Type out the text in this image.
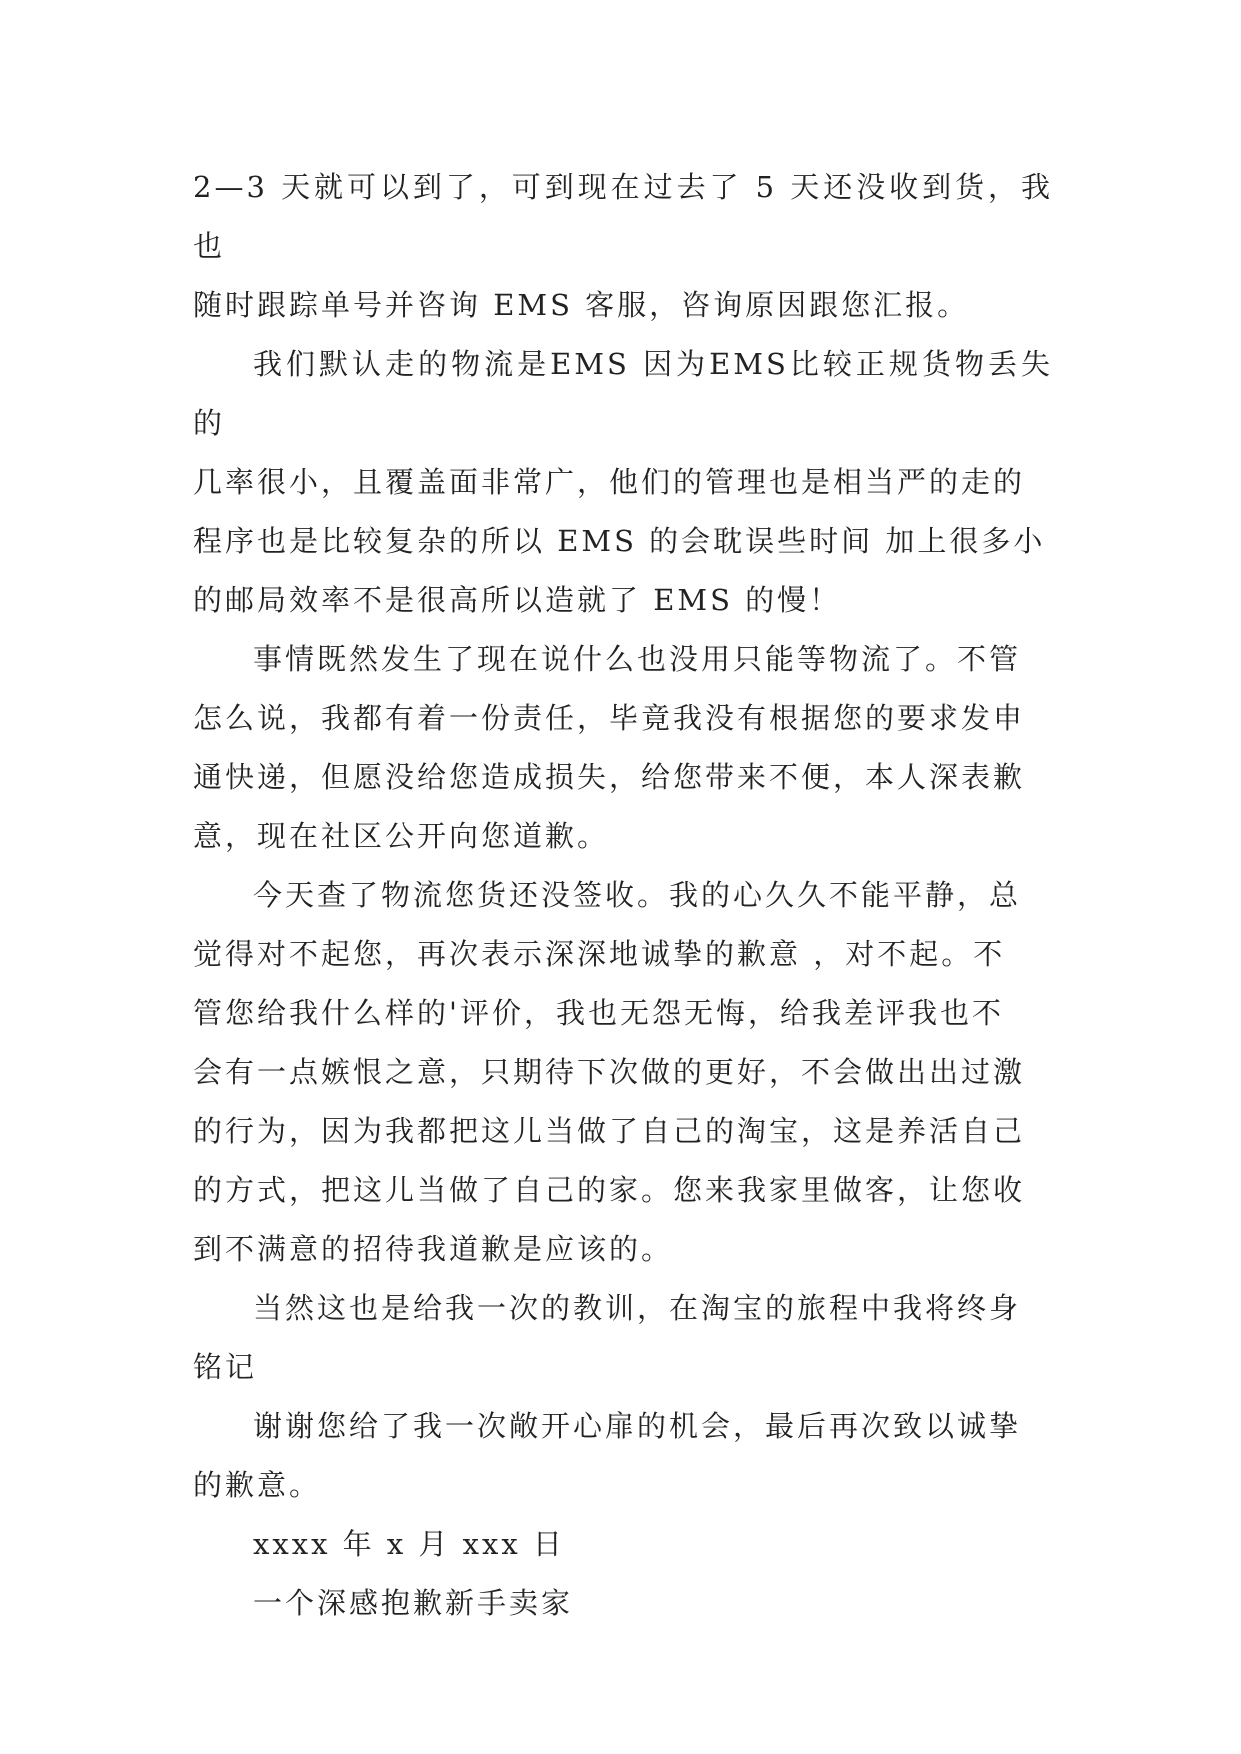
2—3 天就可以到了，可到现在过去了 5 天还没收到货，我也
随时跟踪单号并咨询 EMS 客服，咨询原因跟您汇报。

我们默认走的物流是EMS 因为EMS比较正规货物丢失的
几率很小，且覆盖面非常广，他们的管理也是相当严的走的
程序也是比较复杂的所以 EMS 的会耽误些时间 加上很多小
的邮局效率不是很高所以造就了 EMS 的慢！

事情既然发生了现在说什么也没用只能等物流了。不管
怎么说，我都有着一份责任，毕竟我没有根据您的要求发申
通快递，但愿没给您造成损失，给您带来不便，本人深表歉
意，现在社区公开向您道歉。

今天查了物流您货还没签收。我的心久久不能平静，总
觉得对不起您，再次表示深深地诚挚的歉意 ，对不起。不
管您给我什么样的'评价，我也无怨无悔，给我差评我也不
会有一点嫉恨之意，只期待下次做的更好，不会做出出过激
的行为，因为我都把这儿当做了自己的淘宝，这是养活自己
的方式，把这儿当做了自己的家。您来我家里做客，让您收
到不满意的招待我道歉是应该的。

当然这也是给我一次的教训，在淘宝的旅程中我将终身
铭记

谢谢您给了我一次敞开心扉的机会，最后再次致以诚挚
的歉意。

xxxx 年 x 月 xxx 日

一个深感抱歉新手卖家
